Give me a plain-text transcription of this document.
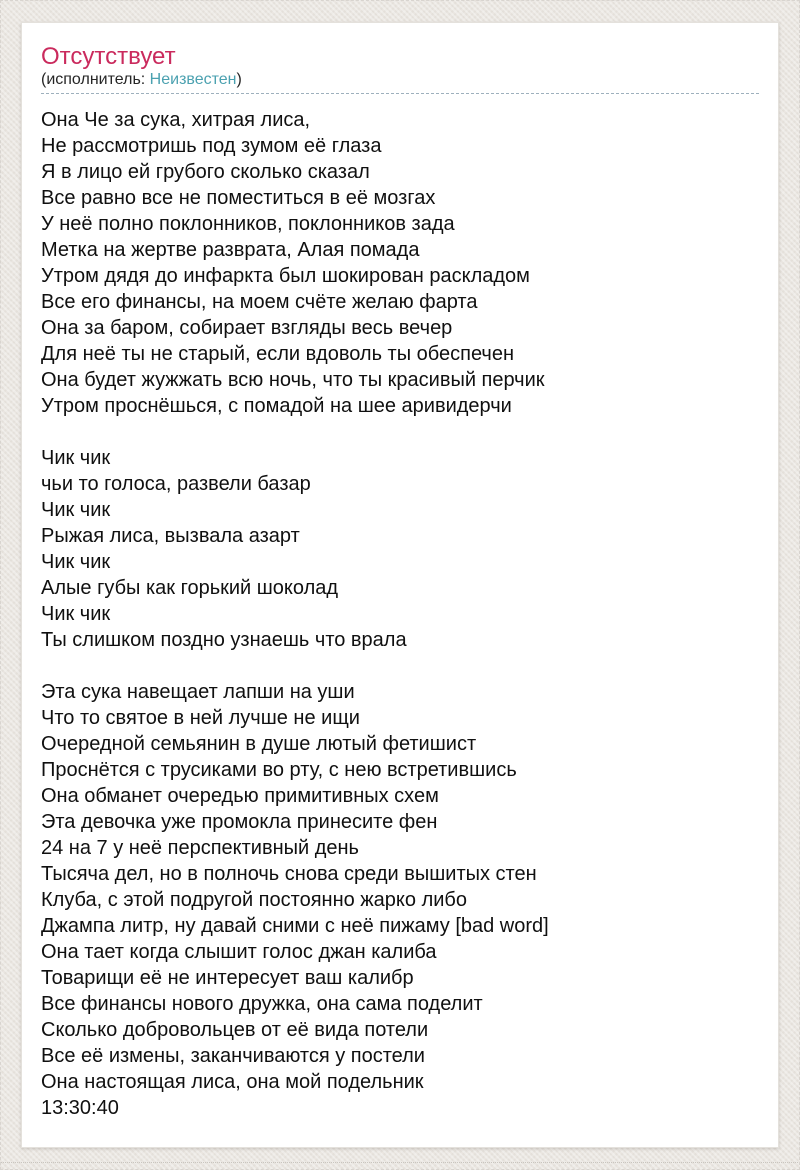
Отсутствует
(исполнитель: Неизвестен)
Она Че за сука, хитрая лиса,
Не рассмотришь под зумом её глаза
Я в лицо ей грубого сколько сказал
Все равно все не поместиться в её мозгах
У неё полно поклонников, поклонников зада
Метка на жертве разврата, Алая помада
Утром дядя до инфаркта был шокирован раскладом
Все его финансы, на моем счёте желаю фарта
Она за баром, собирает взгляды весь вечер
Для неё ты не старый, если вдоволь ты обеспечен
Она будет жужжать всю ночь, что ты красивый перчик
Утром проснёшься, с помадой на шее аривидерчи
Чик чик
чьи то голоса, развели базар
Чик чик
Рыжая лиса, вызвала азарт
Чик чик
Алые губы как горький шоколад
Чик чик
Ты слишком поздно узнаешь что врала
Эта сука навещает лапши на уши
Что то святое в ней лучше не ищи
Очередной семьянин в душе лютый фетишист
Проснётся с трусиками во рту, с нею встретившись
Она обманет очередью примитивных схем
Эта девочка уже промокла принесите фен
24 на 7 у неё перспективный день
Тысяча дел, но в полночь снова среди вышитых стен
Клуба, с этой подругой постоянно жарко либо
Джампа литр, ну давай сними с неё пижаму [bad word]
Она тает когда слышит голос джан калиба
Товарищи её не интересует ваш калибр
Все финансы нового дружка, она сама поделит
Сколько добровольцев от её вида потели
Все её измены, заканчиваются у постели
Она настоящая лиса, она мой подельник
13:30:40
